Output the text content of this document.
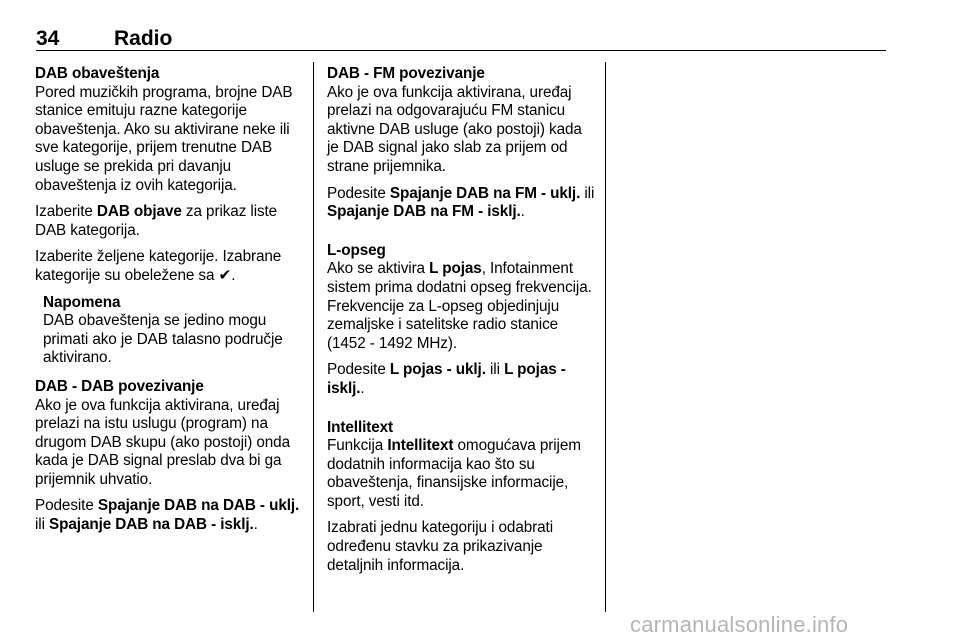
34	Radio
DAB obaveštenja

Pored muzičkih programa, brojne DAB stanice emituju razne kategorije obaveštenja. Ako su aktivirane neke ili sve kategorije, prijem trenutne DAB usluge se prekida pri davanju obaveštenja iz ovih kategorija.

Izaberite DAB objave za prikaz liste DAB kategorija.

Izaberite željene kategorije. Izabrane kategorije su obeležene sa ✔.

Napomena
DAB obaveštenja se jedino mogu primati ako je DAB talasno područje aktivirano.
DAB - DAB povezivanje

Ako je ova funkcija aktivirana, uređaj prelazi na istu uslugu (program) na drugom DAB skupu (ako postoji) onda kada je DAB signal preslab dva bi ga prijemnik uhvatio.

Podesite Spajanje DAB na DAB - uklj. ili Spajanje DAB na DAB - isklj..

DAB - FM povezivanje

Ako je ova funkcija aktivirana, uređaj prelazi na odgovarajuću FM stanicu aktivne DAB usluge (ako postoji) kada je DAB signal jako slab za prijem od strane prijemnika.

Podesite Spajanje DAB na FM - uklj. ili Spajanje DAB na FM - isklj..

L-opseg

Ako se aktivira L pojas, Infotainment sistem prima dodatni opseg frekvencija. Frekvencije za L-opseg objedinjuju zemaljske i satelitske radio stanice (1452 - 1492 MHz).

Podesite L pojas - uklj. ili L pojas - isklj..

Intellitext

Funkcija Intellitext omogućava prijem dodatnih informacija kao što su obaveštenja, finansijske informacije, sport, vesti itd.

Izabrati jednu kategoriju i odabrati određenu stavku za prikazivanje detaljnih informacija.

carmanualsonline.info
